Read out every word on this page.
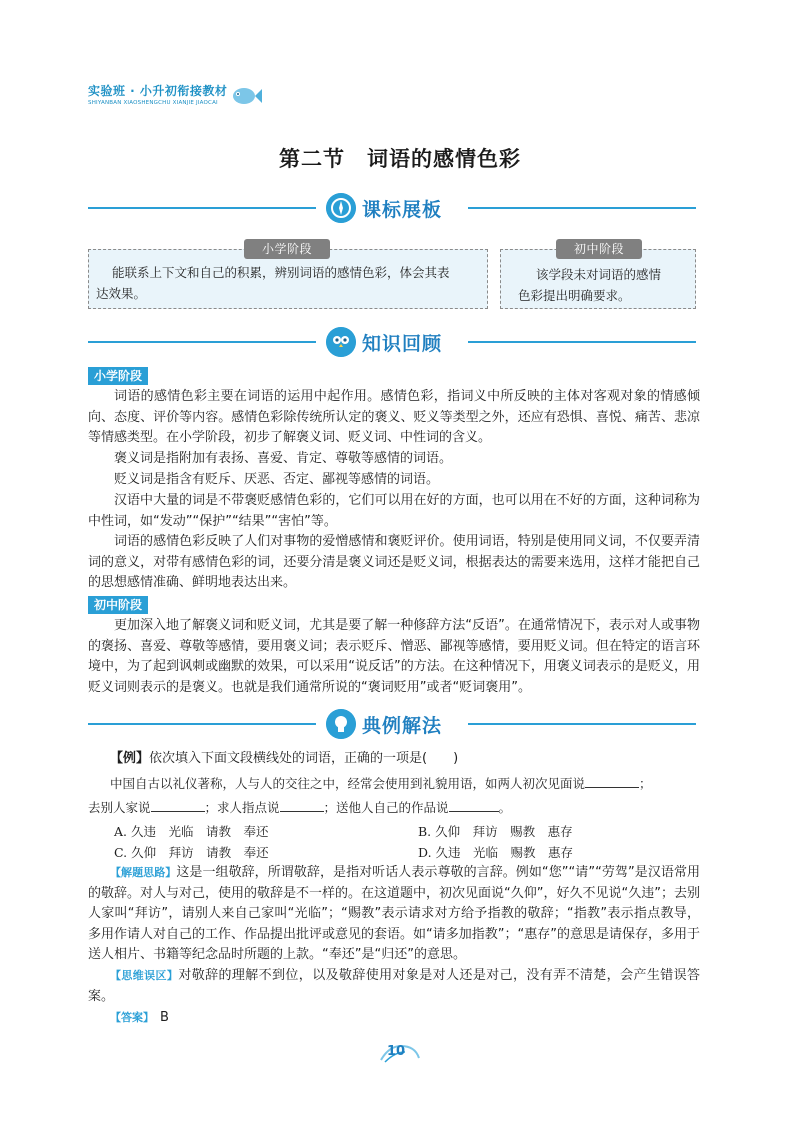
实验班 · 小升初衔接教材
SHIYANBAN XIAOSHENGCHU XIANJIE JIAOCAI
第二节　词语的感情色彩
课标展板
小学阶段
能联系上下文和自己的积累，辨别词语的感情色彩，体会其表
达效果。
初中阶段
该学段未对词语的感情
色彩提出明确要求。
知识回顾
小学阶段
词语的感情色彩主要在词语的运用中起作用。感情色彩，指词义中所反映的主体对客观对象的情感倾向、态度、评价等内容。感情色彩除传统所认定的褒义、贬义等类型之外，还应有恐惧、喜悦、痛苦、悲凉等情感类型。在小学阶段，初步了解褒义词、贬义词、中性词的含义。
褒义词是指附加有表扬、喜爱、肯定、尊敬等感情的词语。
贬义词是指含有贬斥、厌恶、否定、鄙视等感情的词语。
汉语中大量的词是不带褒贬感情色彩的，它们可以用在好的方面，也可以用在不好的方面，这种词称为中性词，如“发动”“保护”“结果”“害怕”等。
词语的感情色彩反映了人们对事物的爱憎感情和褒贬评价。使用词语，特别是使用同义词，不仅要弄清词的意义，对带有感情色彩的词，还要分清是褒义词还是贬义词，根据表达的需要来选用，这样才能把自己的思想感情准确、鲜明地表达出来。
初中阶段
更加深入地了解褒义词和贬义词，尤其是要了解一种修辞方法“反语”。在通常情况下，表示对人或事物的褒扬、喜爱、尊敬等感情，要用褒义词；表示贬斥、憎恶、鄙视等感情，要用贬义词。但在特定的语言环境中，为了起到讽刺或幽默的效果，可以采用“说反话”的方法。在这种情况下，用褒义词表示的是贬义，用贬义词则表示的是褒义。也就是我们通常所说的“褒词贬用”或者“贬词褒用”。
典例解法
【例】依次填入下面文段横线处的词语，正确的一项是(　　)
中国自古以礼仪著称，人与人的交往之中，经常会使用到礼貌用语，如两人初次见面说	；
去别人家说	；求人指点说	；送他人自己的作品说	。
A. 久违　光临　请教　奉还	B. 久仰　拜访　赐教　惠存
C. 久仰　拜访　请教　奉还	D. 久违　光临　赐教　惠存
【解题思路】这是一组敬辞，所谓敬辞，是指对听话人表示尊敬的言辞。例如“您”“请”“劳驾”是汉语常用的敬辞。对人与对己，使用的敬辞是不一样的。在这道题中，初次见面说“久仰”，好久不见说“久违”；去别人家叫“拜访”，请别人来自己家叫“光临”；“赐教”表示请求对方给予指教的敬辞；“指教”表示指点教导，多用作请人对自己的工作、作品提出批评或意见的套语。如“请多加指教”；“惠存”的意思是请保存，多用于送人相片、书籍等纪念品时所题的上款。“奉还”是“归还”的意思。
【思维误区】对敬辞的理解不到位，以及敬辞使用对象是对人还是对己，没有弄不清楚，会产生错误答案。
【答案】 B
10
